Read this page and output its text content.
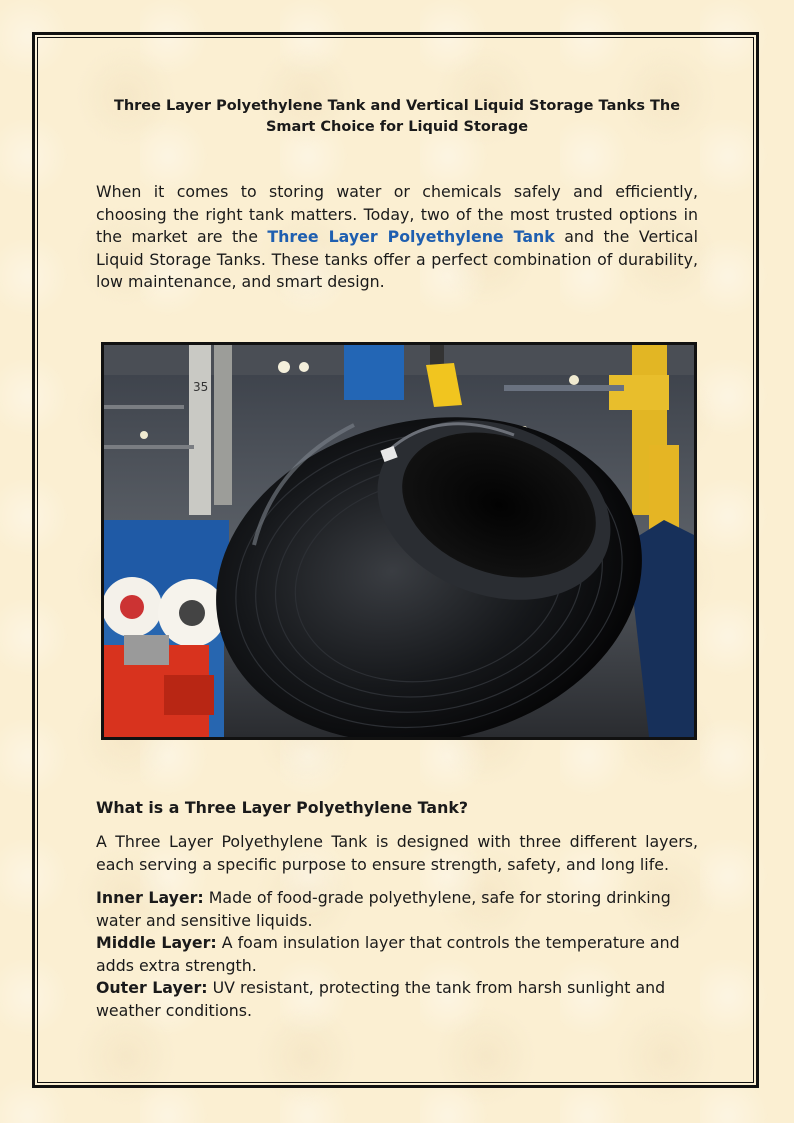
Three Layer Polyethylene Tank and Vertical Liquid Storage Tanks The Smart Choice for Liquid Storage
When it comes to storing water or chemicals safely and efficiently, choosing the right tank matters. Today, two of the most trusted options in the market are the Three Layer Polyethylene Tank and the Vertical Liquid Storage Tanks. These tanks offer a perfect combination of durability, low maintenance, and smart design.
35
What is a Three Layer Polyethylene Tank?
A Three Layer Polyethylene Tank is designed with three different layers, each serving a specific purpose to ensure strength, safety, and long life.

Inner Layer: Made of food-grade polyethylene, safe for storing drinking water and sensitive liquids.

Middle Layer: A foam insulation layer that controls the temperature and adds extra strength.

Outer Layer: UV resistant, protecting the tank from harsh sunlight and weather conditions.
